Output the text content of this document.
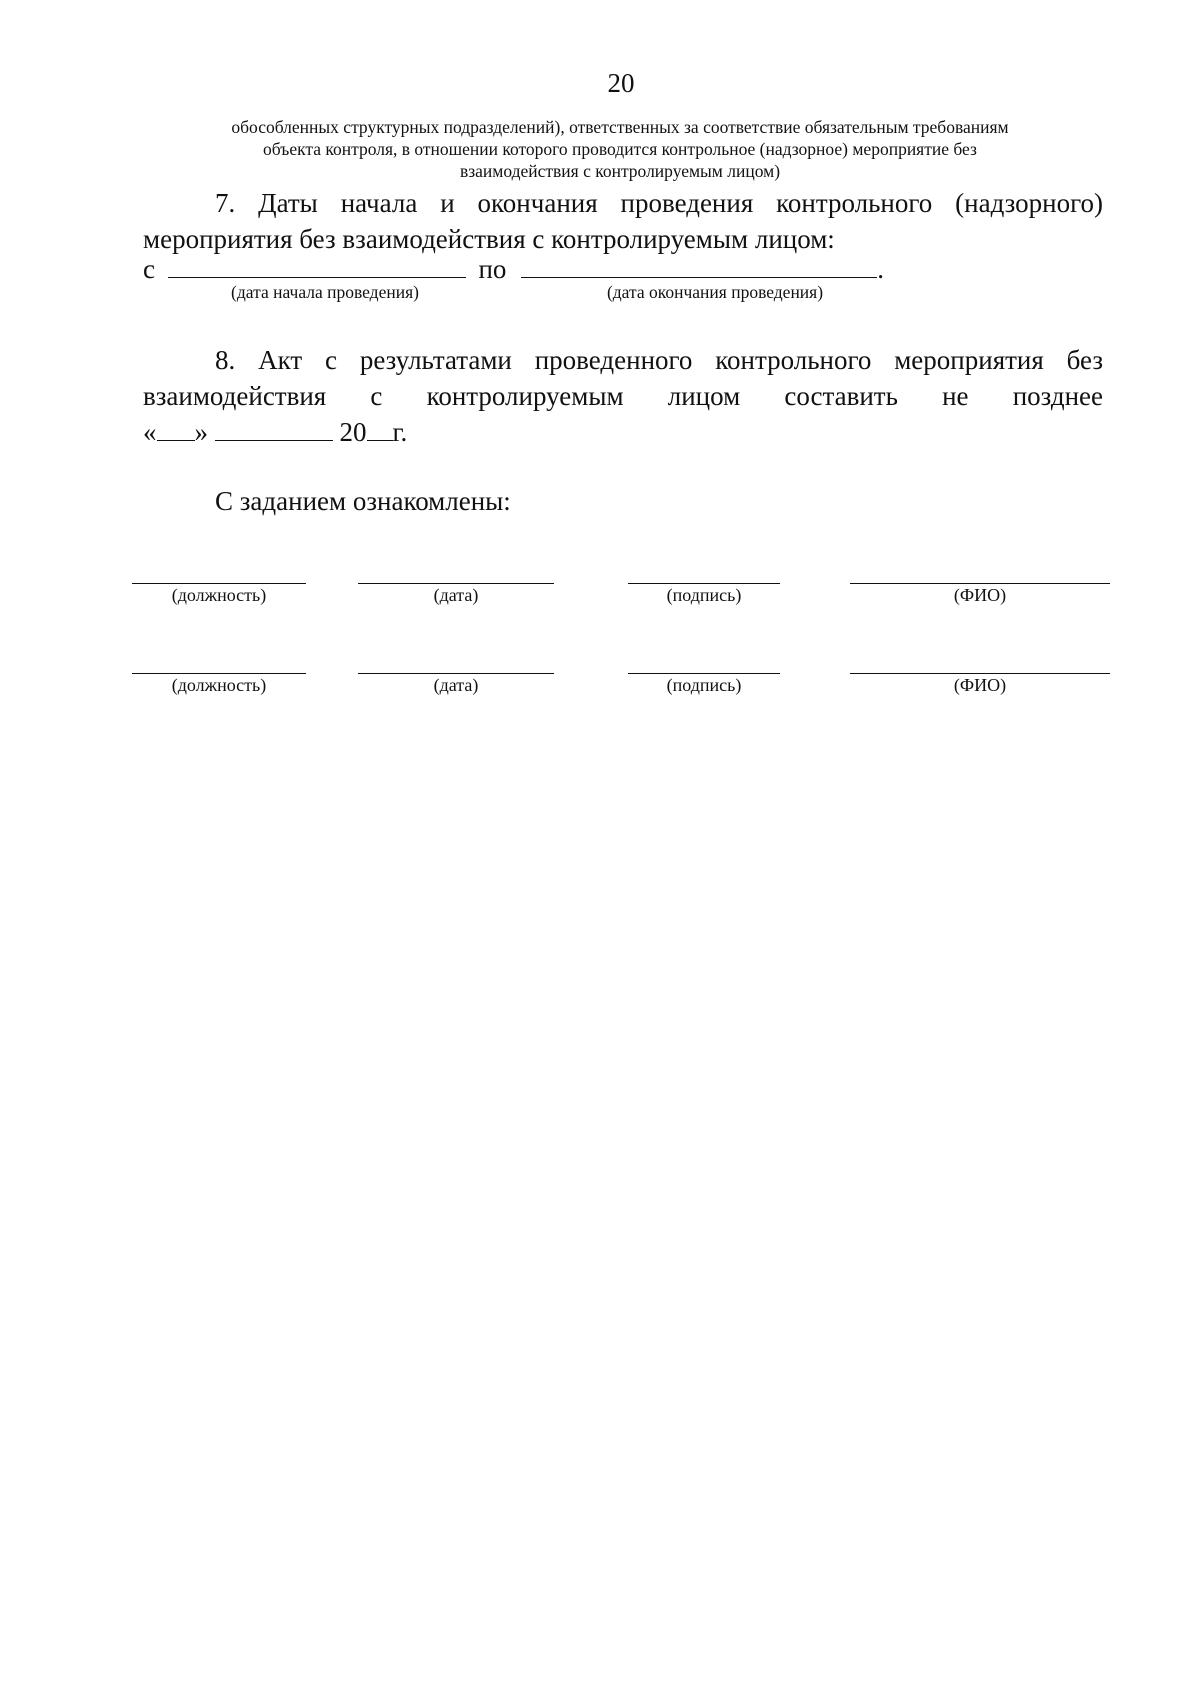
20
обособленных структурных подразделений), ответственных за соответствие обязательным требованиям
объекта контроля, в отношении которого проводится контрольное (надзорное) мероприятие без
взаимодействия с контролируемым лицом)
7. Даты начала и окончания проведения контрольного (надзорного) мероприятия без взаимодействия с контролируемым лицом:
с	по	.
(дата начала проведения)	(дата окончания проведения)
8. Акт с результатами проведенного контрольного мероприятия без взаимодействия с контролируемым лицом составить не позднее
« »	20 г.
С заданием ознакомлены:
(должность)	(дата)	(подпись)	(ФИО)
(должность)	(дата)	(подпись)	(ФИО)
